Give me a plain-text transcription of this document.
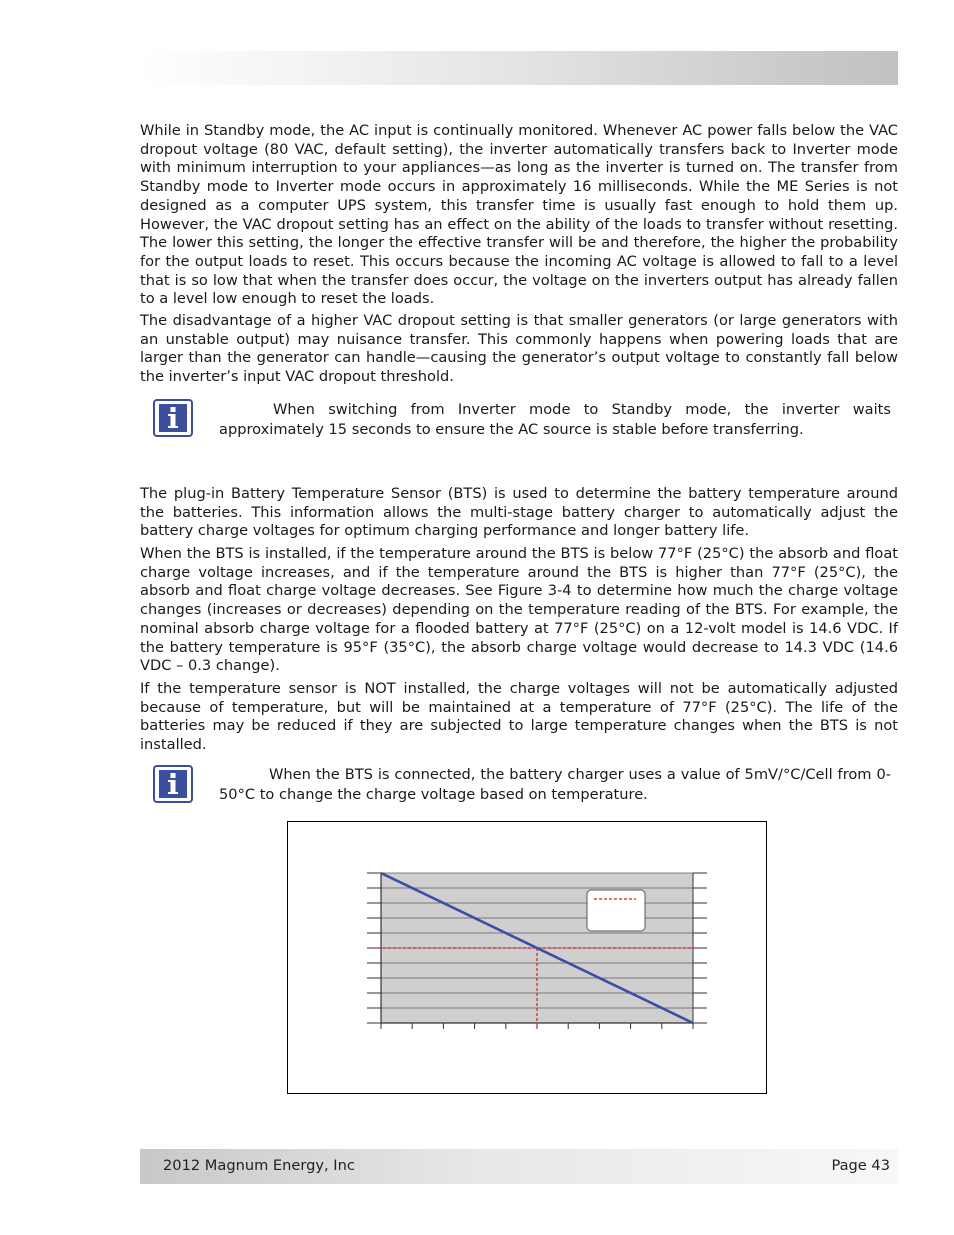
While in Standby mode, the AC input is continually monitored. Whenever AC power falls below the VAC dropout voltage (80 VAC, default setting), the inverter automatically transfers back to Inverter mode with minimum interruption to your appliances—as long as the inverter is turned on. The transfer from Standby mode to Inverter mode occurs in approximately 16 milliseconds. While the ME Series is not designed as a computer UPS system, this transfer time is usually fast enough to hold them up. However, the VAC dropout setting has an effect on the ability of the loads to transfer without resetting. The lower this setting, the longer the effective transfer will be and therefore, the higher the probability for the output loads to reset. This occurs because the incoming AC voltage is allowed to fall to a level that is so low that when the transfer does occur, the voltage on the inverters output has already fallen to a level low enough to reset the loads.

The disadvantage of a higher VAC dropout setting is that smaller generators (or large generators with an unstable output) may nuisance transfer. This commonly happens when powering loads that are larger than the generator can handle—causing the generator’s output voltage to constantly fall below the inverter’s input VAC dropout threshold.

When switching from Inverter mode to Standby mode, the inverter waits approximately 15 seconds to ensure the AC source is stable before transferring.

The plug-in Battery Temperature Sensor (BTS) is used to determine the battery temperature around the batteries. This information allows the multi-stage battery charger to automatically adjust the battery charge voltages for optimum charging performance and longer battery life.

When the BTS is installed, if the temperature around the BTS is below 77°F (25°C) the absorb and float charge voltage increases, and if the temperature around the BTS is higher than 77°F (25°C), the absorb and float charge voltage decreases. See Figure 3-4 to determine how much the charge voltage changes (increases or decreases) depending on the temperature reading of the BTS. For example, the nominal absorb charge voltage for a flooded battery at 77°F (25°C) on a 12-volt model is 14.6 VDC. If the battery temperature is 95°F (35°C), the absorb charge voltage would decrease to 14.3 VDC (14.6 VDC – 0.3 change).

If the temperature sensor is NOT installed, the charge voltages will not be automatically adjusted because of temperature, but will be maintained at a temperature of 77°F (25°C). The life of the batteries may be reduced if they are subjected to large temperature changes when the BTS is not installed.

When the BTS is connected, the battery charger uses a value of 5mV/°C/Cell from 0-50°C to change the charge voltage based on temperature.

2012 Magnum Energy, Inc	Page 43
